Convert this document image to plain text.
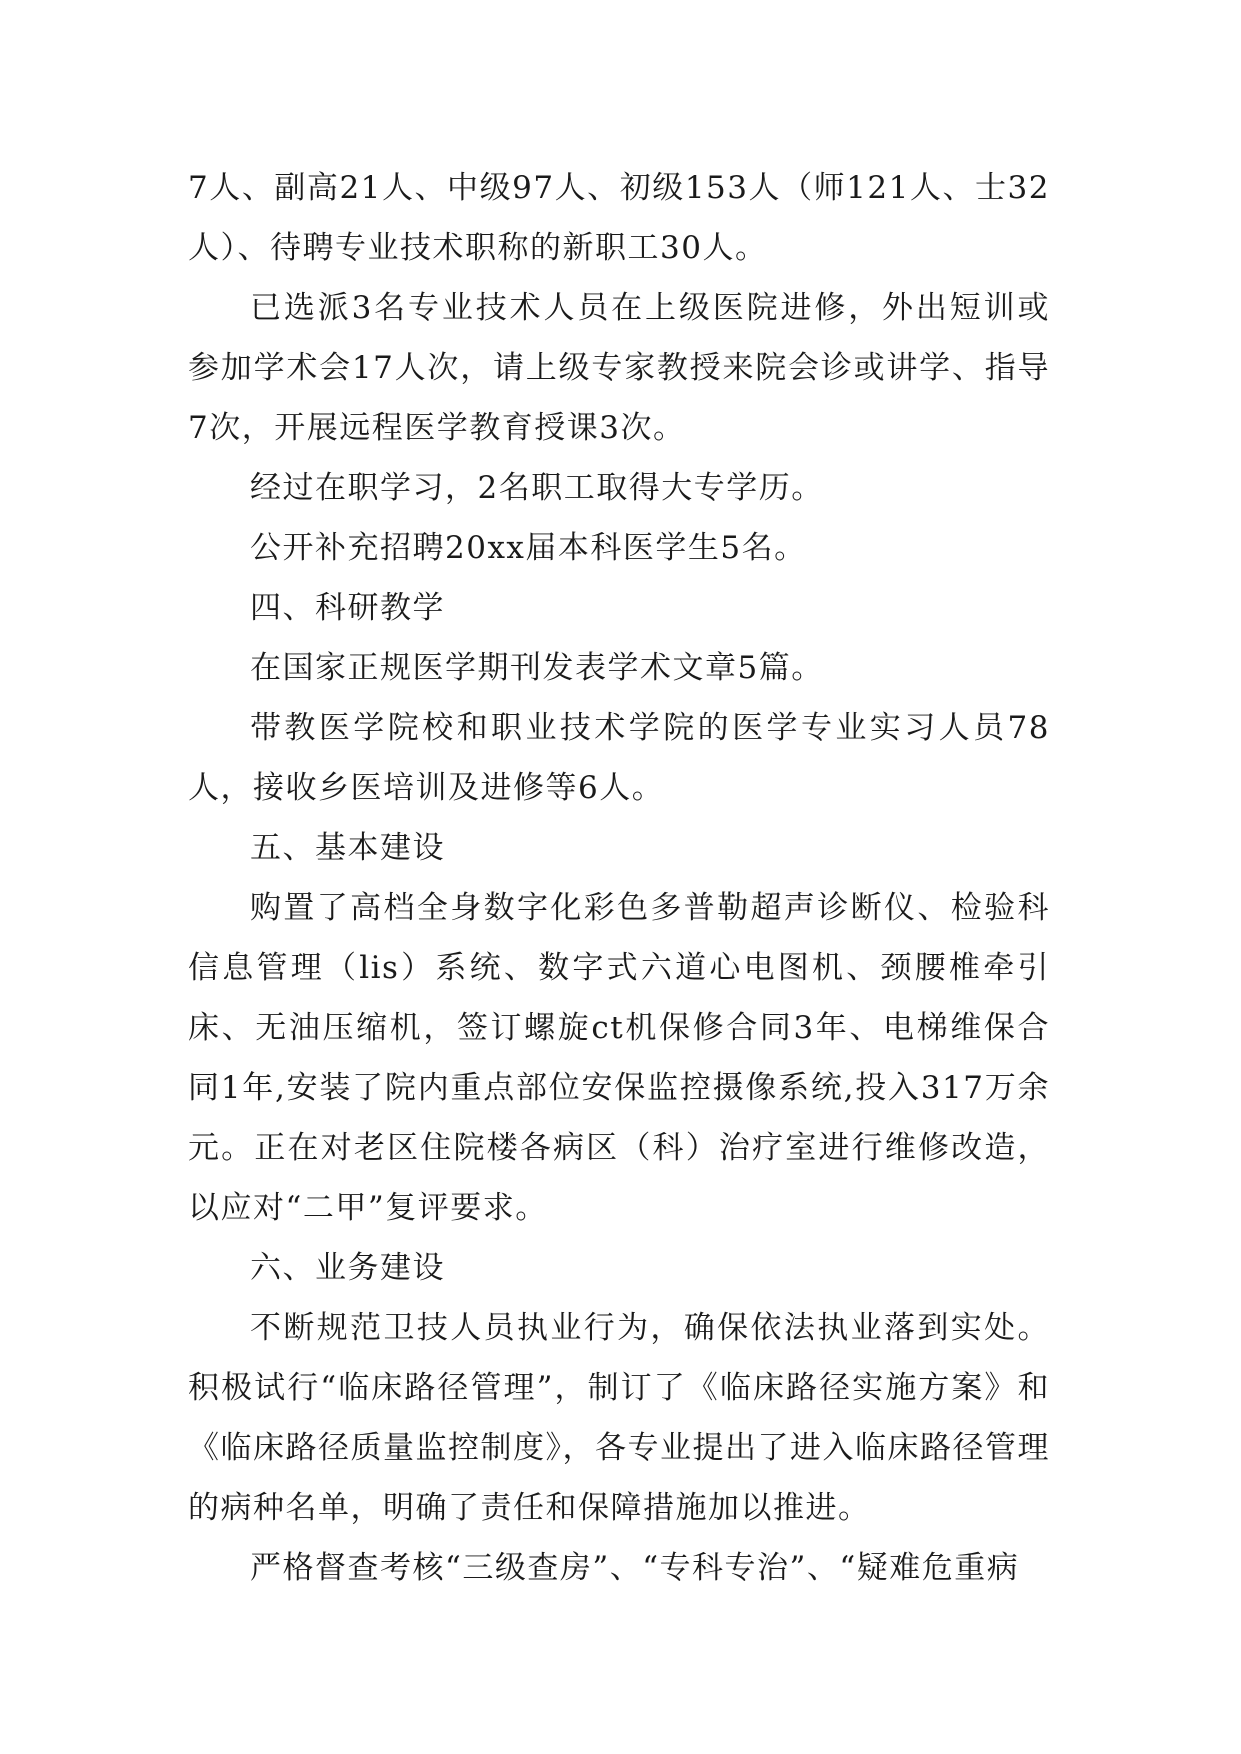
7人、副高21人、中级97人、初级153人（师121人、士32人）、待聘专业技术职称的新职工30人。

已选派3名专业技术人员在上级医院进修，外出短训或参加学术会17人次，请上级专家教授来院会诊或讲学、指导7次，开展远程医学教育授课3次。

经过在职学习，2名职工取得大专学历。

公开补充招聘20xx届本科医学生5名。

四、科研教学

在国家正规医学期刊发表学术文章5篇。

带教医学院校和职业技术学院的医学专业实习人员78人，接收乡医培训及进修等6人。

五、基本建设

购置了高档全身数字化彩色多普勒超声诊断仪、检验科信息管理（lis）系统、数字式六道心电图机、颈腰椎牵引床、无油压缩机，签订螺旋ct机保修合同3年、电梯维保合同1年,安装了院内重点部位安保监控摄像系统,投入317万余元。正在对老区住院楼各病区（科）治疗室进行维修改造，以应对“二甲”复评要求。

六、业务建设

不断规范卫技人员执业行为，确保依法执业落到实处。积极试行“临床路径管理”，制订了《临床路径实施方案》和《临床路径质量监控制度》，各专业提出了进入临床路径管理的病种名单，明确了责任和保障措施加以推进。

严格督查考核“三级查房”、“专科专治”、“疑难危重病
